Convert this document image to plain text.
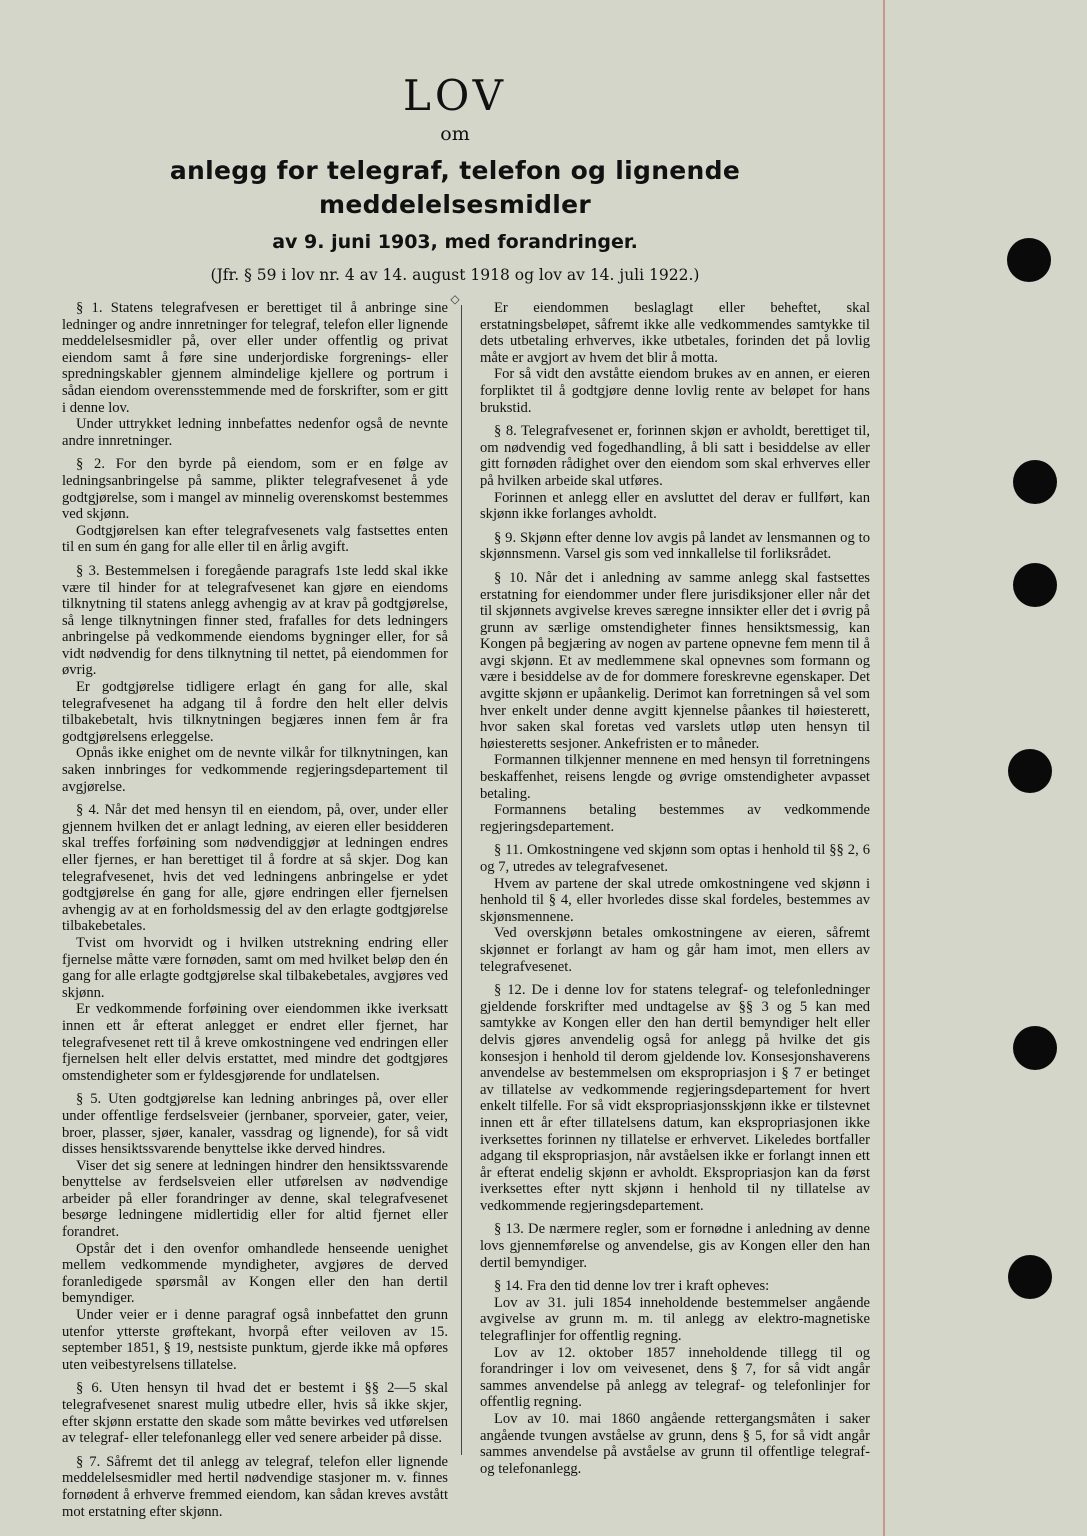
LOV

om

anlegg for telegraf, telefon og lignende meddelelsesmidler

av 9. juni 1903, med forandringer.

(Jfr. § 59 i lov nr. 4 av 14. august 1918 og lov av 14. juli 1922.)

◇

§ 1. Statens telegrafvesen er berettiget til å anbringe sine ledninger og andre innretninger for telegraf, telefon eller lignende meddelelsesmidler på, over eller under offentlig og privat eiendom samt å føre sine underjordiske forgrenings- eller spredningskabler gjennem almindelige kjellere og portrum i sådan eiendom overensstemmende med de forskrifter, som er gitt i denne lov.

Under uttrykket ledning innbefattes nedenfor også de nevnte andre innretninger.

§ 2. For den byrde på eiendom, som er en følge av ledningsanbringelse på samme, plikter telegrafvesenet å yde godtgjørelse, som i mangel av minnelig overenskomst bestemmes ved skjønn.

Godtgjørelsen kan efter telegrafvesenets valg fastsettes enten til en sum én gang for alle eller til en årlig avgift.

§ 3. Bestemmelsen i foregående paragrafs 1ste ledd skal ikke være til hinder for at telegrafvesenet kan gjøre en eiendoms tilknytning til statens anlegg avhengig av at krav på godtgjørelse, så lenge tilknytningen finner sted, frafalles for dets ledningers anbringelse på vedkommende eiendoms bygninger eller, for så vidt nødvendig for dens tilknytning til nettet, på eiendommen for øvrig.

Er godtgjørelse tidligere erlagt én gang for alle, skal telegrafvesenet ha adgang til å fordre den helt eller delvis tilbakebetalt, hvis tilknytningen begjæres innen fem år fra godtgjørelsens erleggelse.

Opnås ikke enighet om de nevnte vilkår for tilknytningen, kan saken innbringes for vedkommende regjeringsdepartement til avgjørelse.

§ 4. Når det med hensyn til en eiendom, på, over, under eller gjennem hvilken det er anlagt ledning, av eieren eller besidderen skal treffes forføining som nødvendiggjør at ledningen endres eller fjernes, er han berettiget til å fordre at så skjer. Dog kan telegrafvesenet, hvis det ved ledningens anbringelse er ydet godtgjørelse én gang for alle, gjøre endringen eller fjernelsen avhengig av at en forholdsmessig del av den erlagte godtgjørelse tilbakebetales.

Tvist om hvorvidt og i hvilken utstrekning endring eller fjernelse måtte være fornøden, samt om med hvilket beløp den én gang for alle erlagte godtgjørelse skal tilbakebetales, avgjøres ved skjønn.

Er vedkommende forføining over eiendommen ikke iverksatt innen ett år efterat anlegget er endret eller fjernet, har telegrafvesenet rett til å kreve omkostningene ved endringen eller fjernelsen helt eller delvis erstattet, med mindre det godtgjøres omstendigheter som er fyldesgjørende for undlatelsen.

§ 5. Uten godtgjørelse kan ledning anbringes på, over eller under offentlige ferdselsveier (jernbaner, sporveier, gater, veier, broer, plasser, sjøer, kanaler, vassdrag og lignende), for så vidt disses hensiktssvarende benyttelse ikke derved hindres.

Viser det sig senere at ledningen hindrer den hensiktssvarende benyttelse av ferdselsveien eller utførelsen av nødvendige arbeider på eller forandringer av denne, skal telegrafvesenet besørge ledningene midlertidig eller for altid fjernet eller forandret.

Opstår det i den ovenfor omhandlede henseende uenighet mellem vedkommende myndigheter, avgjøres de derved foranledigede spørsmål av Kongen eller den han dertil bemyndiger.

Under veier er i denne paragraf også innbefattet den grunn utenfor ytterste grøftekant, hvorpå efter veiloven av 15. september 1851, § 19, nestsiste punktum, gjerde ikke må opføres uten veibestyrelsens tillatelse.

§ 6. Uten hensyn til hvad det er bestemt i §§ 2—5 skal telegrafvesenet snarest mulig utbedre eller, hvis så ikke skjer, efter skjønn erstatte den skade som måtte bevirkes ved utførelsen av telegraf- eller telefonanlegg eller ved senere arbeider på disse.

§ 7. Såfremt det til anlegg av telegraf, telefon eller lignende meddelelsesmidler med hertil nødvendige stasjoner m. v. finnes fornødent å erhverve fremmed eiendom, kan sådan kreves avstått mot erstatning efter skjønn.

Er eiendommen beslaglagt eller beheftet, skal erstatningsbeløpet, såfremt ikke alle vedkommendes samtykke til dets utbetaling erhverves, ikke utbetales, forinden det på lovlig måte er avgjort av hvem det blir å motta.

For så vidt den avståtte eiendom brukes av en annen, er eieren forpliktet til å godtgjøre denne lovlig rente av beløpet for hans brukstid.

§ 8. Telegrafvesenet er, forinnen skjøn er avholdt, berettiget til, om nødvendig ved fogedhandling, å bli satt i besiddelse av eller gitt fornøden rådighet over den eiendom som skal erhverves eller på hvilken arbeide skal utføres.

Forinnen et anlegg eller en avsluttet del derav er fullført, kan skjønn ikke forlanges avholdt.

§ 9. Skjønn efter denne lov avgis på landet av lensmannen og to skjønnsmenn. Varsel gis som ved innkallelse til forliksrådet.

§ 10. Når det i anledning av samme anlegg skal fastsettes erstatning for eiendommer under flere jurisdiksjoner eller når det til skjønnets avgivelse kreves særegne innsikter eller det i øvrig på grunn av særlige omstendigheter finnes hensiktsmessig, kan Kongen på begjæring av nogen av partene opnevne fem menn til å avgi skjønn. Et av medlemmene skal opnevnes som formann og være i besiddelse av de for dommere foreskrevne egenskaper. Det avgitte skjønn er upåankelig. Derimot kan forretningen så vel som hver enkelt under denne avgitt kjennelse påankes til høiesterett, hvor saken skal foretas ved varslets utløp uten hensyn til høiesteretts sesjoner. Ankefristen er to måneder.

Formannen tilkjenner mennene en med hensyn til forretningens beskaffenhet, reisens lengde og øvrige omstendigheter avpasset betaling.

Formannens betaling bestemmes av vedkommende regjeringsdepartement.

§ 11. Omkostningene ved skjønn som optas i henhold til §§ 2, 6 og 7, utredes av telegrafvesenet.

Hvem av partene der skal utrede omkostningene ved skjønn i henhold til § 4, eller hvorledes disse skal fordeles, bestemmes av skjønsmennene.

Ved overskjønn betales omkostningene av eieren, såfremt skjønnet er forlangt av ham og går ham imot, men ellers av telegrafvesenet.

§ 12. De i denne lov for statens telegraf- og telefonledninger gjeldende forskrifter med undtagelse av §§ 3 og 5 kan med samtykke av Kongen eller den han dertil bemyndiger helt eller delvis gjøres anvendelig også for anlegg på hvilke det gis konsesjon i henhold til derom gjeldende lov. Konsesjonshaverens anvendelse av bestemmelsen om ekspropriasjon i § 7 er betinget av tillatelse av vedkommende regjeringsdepartement for hvert enkelt tilfelle. For så vidt ekspropriasjonsskjønn ikke er tilstevnet innen ett år efter tillatelsens datum, kan ekspropriasjonen ikke iverksettes forinnen ny tillatelse er erhvervet. Likeledes bortfaller adgang til ekspropriasjon, når avståelsen ikke er forlangt innen ett år efterat endelig skjønn er avholdt. Ekspropriasjon kan da først iverksettes efter nytt skjønn i henhold til ny tillatelse av vedkommende regjeringsdepartement.

§ 13. De nærmere regler, som er fornødne i anledning av denne lovs gjennemførelse og anvendelse, gis av Kongen eller den han dertil bemyndiger.

§ 14. Fra den tid denne lov trer i kraft opheves:

Lov av 31. juli 1854 inneholdende bestemmelser angående avgivelse av grunn m. m. til anlegg av elektro-magnetiske telegraflinjer for offentlig regning.

Lov av 12. oktober 1857 inneholdende tillegg til og forandringer i lov om veivesenet, dens § 7, for så vidt angår sammes anvendelse på anlegg av telegraf- og telefonlinjer for offentlig regning.

Lov av 10. mai 1860 angående rettergangsmåten i saker angående tvungen avståelse av grunn, dens § 5, for så vidt angår sammes anvendelse på avståelse av grunn til offentlige telegraf- og telefonanlegg.
